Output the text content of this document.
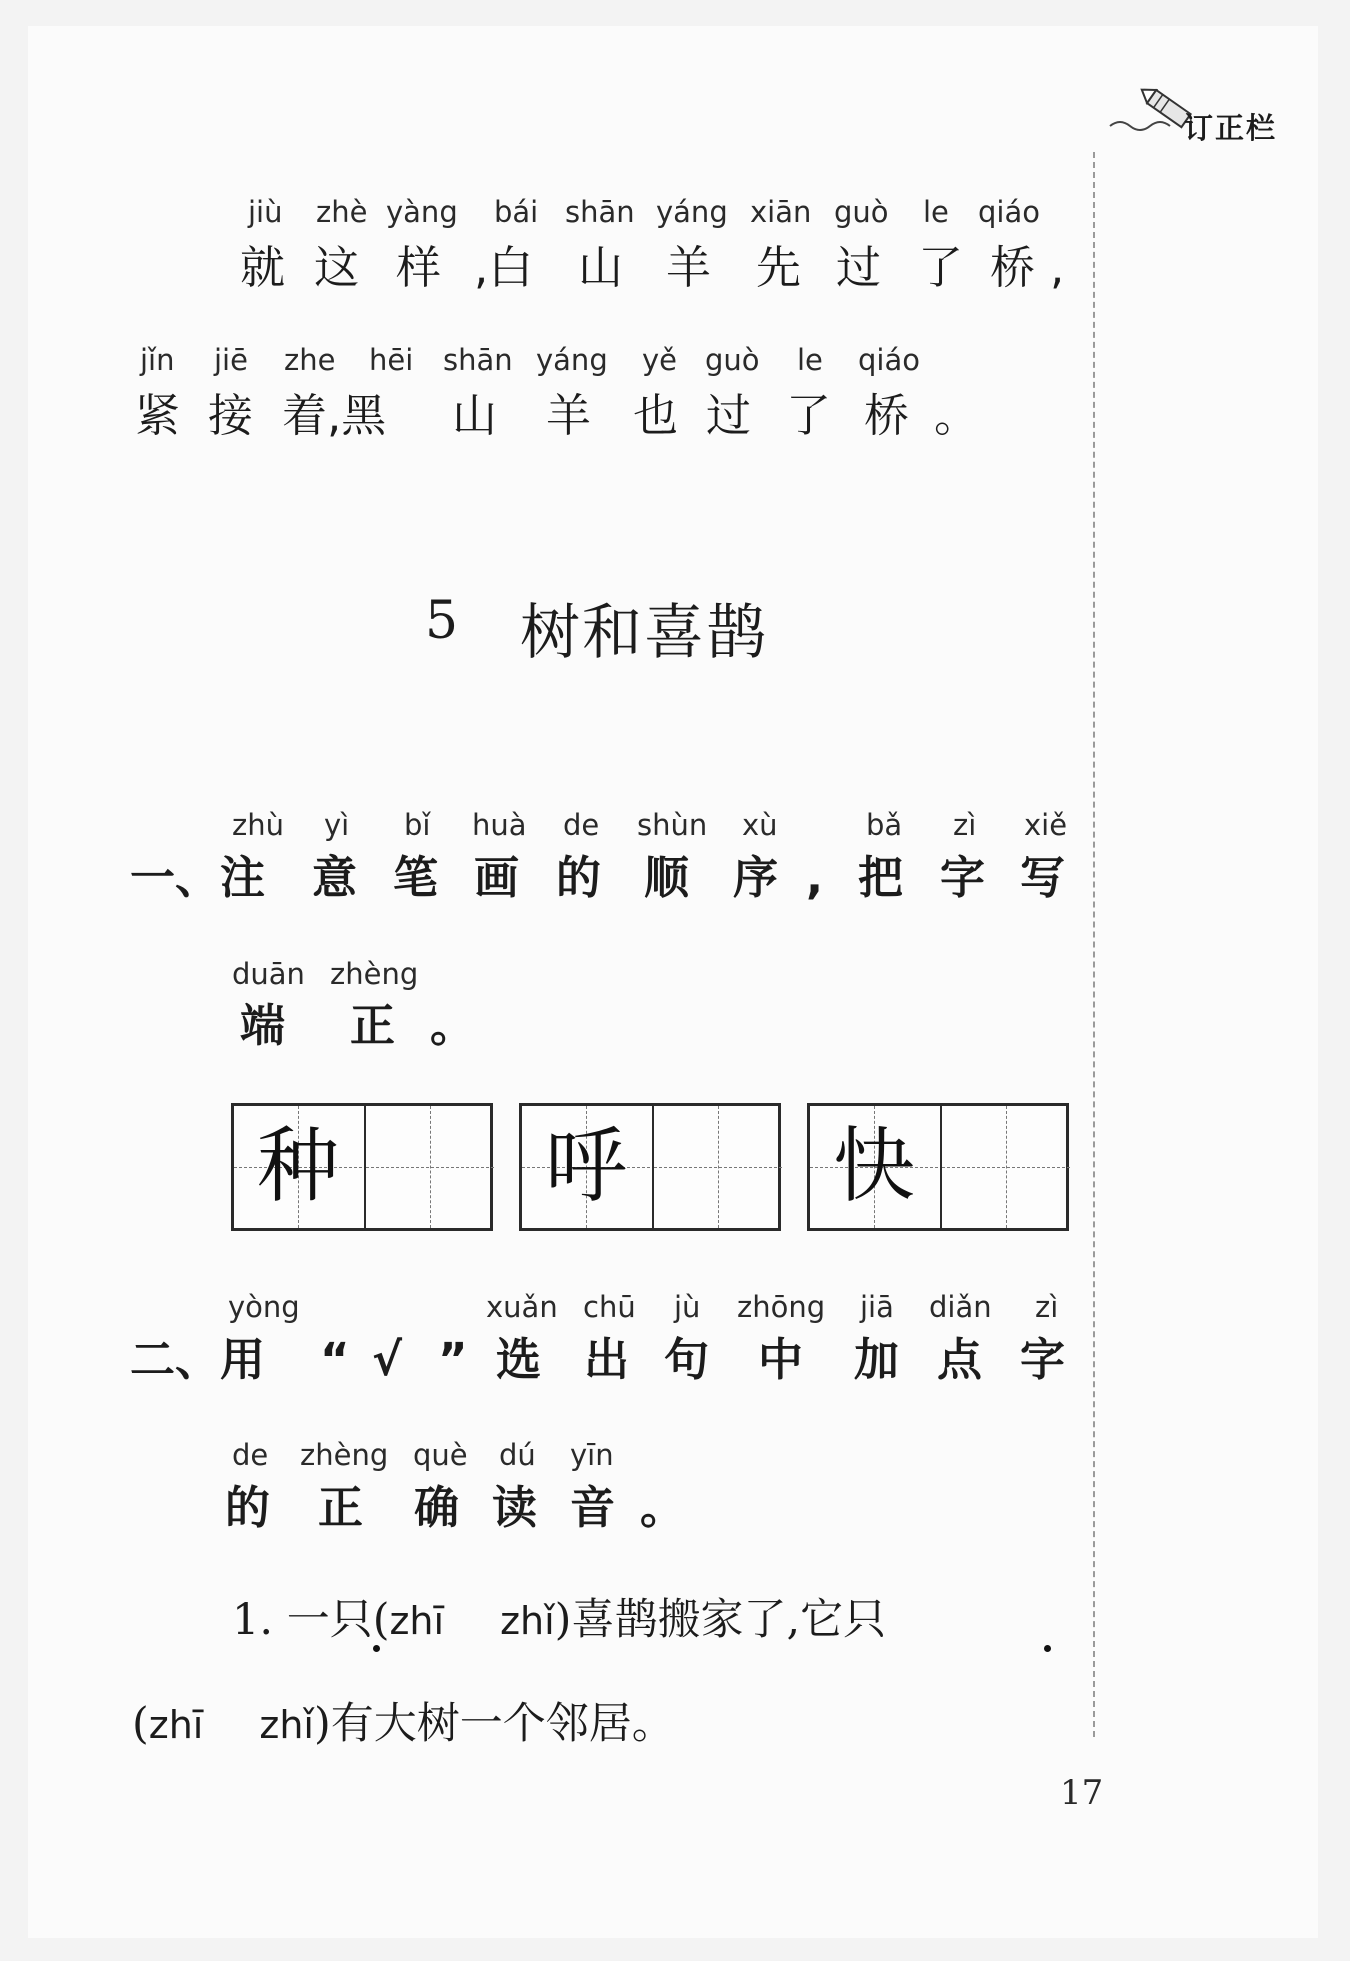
订正栏
jiù zhè yàng bái shān yáng xiān guò le qiáo
就 这 样 ,白 山 羊 先 过 了 桥 ,
jǐn jiē zhe hēi shān yáng yě guò le qiáo
紧 接 着,黑 山 羊 也 过 了 桥 。
5 树和喜鹊
zhù yì bǐ huà de shùn xù	bǎ zì xiě
一、注 意 笔 画 的 顺 序 , 把 字 写
duān zhèng
端 正 。
种	呼	快
yòng	xuǎn chū jù zhōng jiā diǎn zì
二、用 “ √ ” 选 出 句 中 加 点 字
de zhèng què dú yīn
的 正 确 读 音 。
1. 一只(zhī zhǐ)喜鹊搬家了,它只
(zhī zhǐ)有大树一个邻居。
17
